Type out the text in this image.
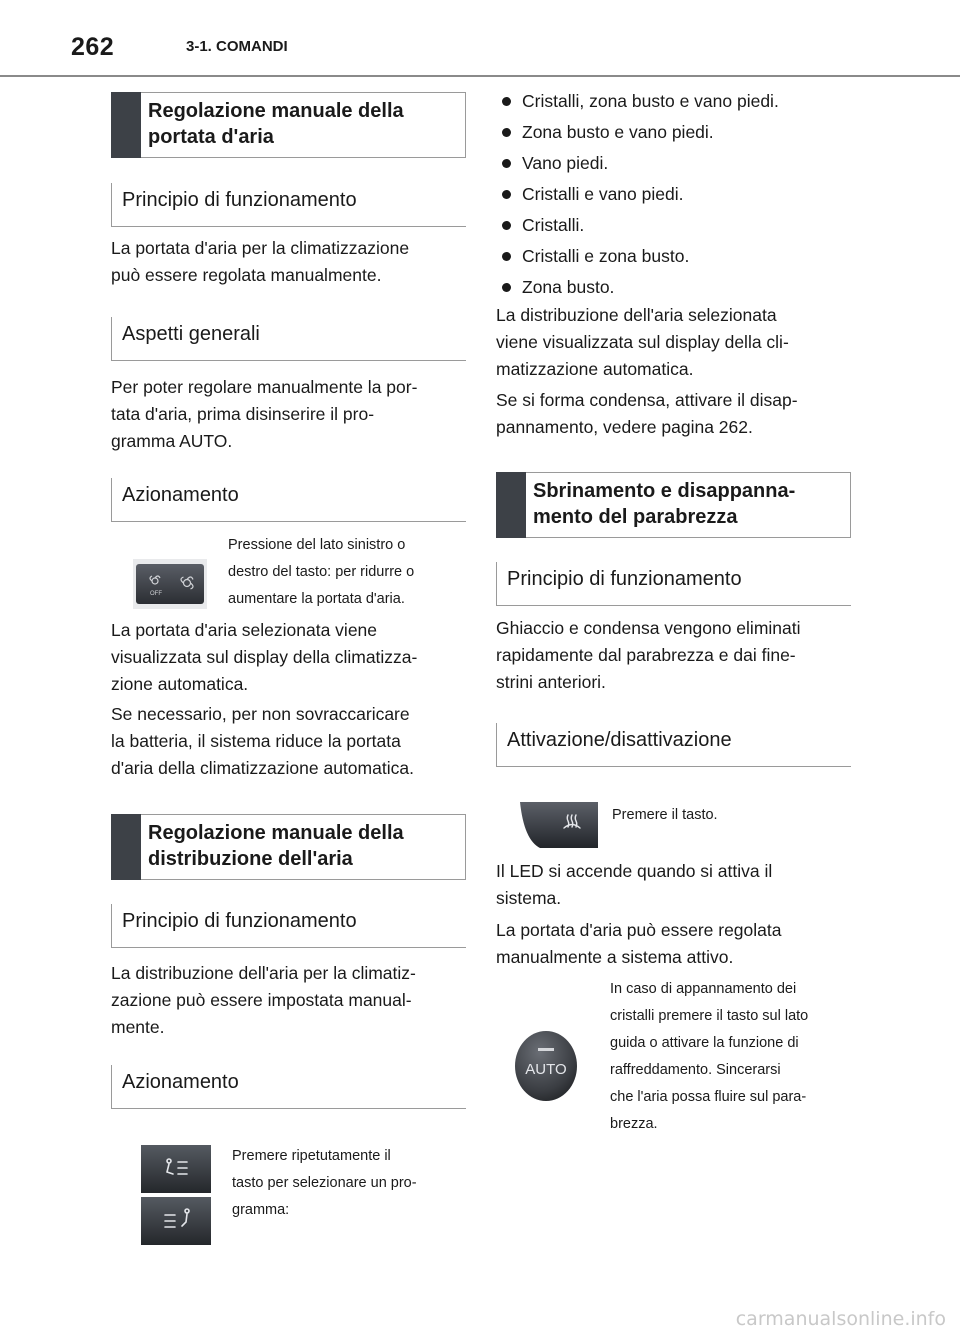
262	3-1. COMANDI
Regolazione manuale della
portata d'aria
Principio di funzionamento
La portata d'aria per la climatizzazione
può essere regolata manualmente.
Aspetti generali
Per poter regolare manualmente la por-
tata d'aria, prima disinserire il pro-
gramma AUTO.
Azionamento
OFF
Pressione del lato sinistro o
destro del tasto: per ridurre o
aumentare la portata d'aria.
La portata d'aria selezionata viene
visualizzata sul display della climatizza-
zione automatica.
Se necessario, per non sovraccaricare
la batteria, il sistema riduce la portata
d'aria della climatizzazione automatica.
Regolazione manuale della
distribuzione dell'aria
Principio di funzionamento
La distribuzione dell'aria per la climatiz-
zazione può essere impostata manual-
mente.
Azionamento
Premere ripetutamente il
tasto per selezionare un pro-
gramma:
Cristalli, zona busto e vano piedi.
Zona busto e vano piedi.
Vano piedi.
Cristalli e vano piedi.
Cristalli.
Cristalli e zona busto.
Zona busto.
La distribuzione dell'aria selezionata
viene visualizzata sul display della cli-
matizzazione automatica.
Se si forma condensa, attivare il disap-
pannamento, vedere pagina 262.
Sbrinamento e disappanna-
mento del parabrezza
Principio di funzionamento
Ghiaccio e condensa vengono eliminati
rapidamente dal parabrezza e dai fine-
strini anteriori.
Attivazione/disattivazione
Premere il tasto.
Il LED si accende quando si attiva il
sistema.
La portata d'aria può essere regolata
manualmente a sistema attivo.
AUTO
In caso di appannamento dei
cristalli premere il tasto sul lato
guida o attivare la funzione di
raffreddamento. Sincerarsi
che l'aria possa fluire sul para-
brezza.
carmanualsonline.info
